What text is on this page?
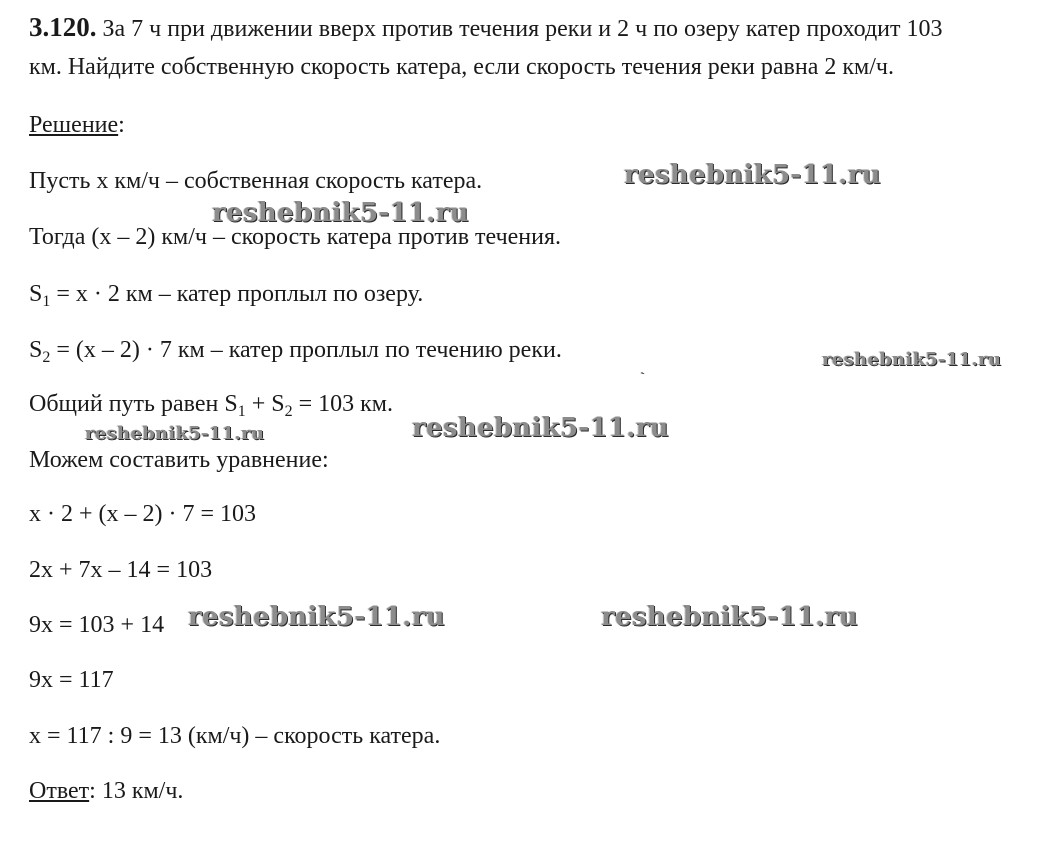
3.120. За 7 ч при движении вверх против течения реки и 2 ч по озеру катер проходит 103
км. Найдите собственную скорость катера, если скорость течения реки равна 2 км/ч.
Решение:
Пусть x км/ч – собственная скорость катера.
Тогда (x – 2) км/ч – скорость катера против течения.
$S_1 = x \cdot 2$ км – катер проплыл по озеру.
$S_2 = (x - 2) \cdot 7$ км – катер проплыл по течению реки.
Общий путь равен $S_1 + S_2 = 103$ км.
Можем составить уравнение:
x · 2 + (x – 2) · 7 = 103
2x + 7x – 14 = 103
9x = 103 + 14
9x = 117
x = 117 : 9 = 13 (км/ч) – скорость катера.
Ответ: 13 км/ч.
reshebnik5-11.ru
reshebnik5-11.ru
reshebnik5-11.ru
reshebnik5-11.ru	reshebnik5-11.ru
reshebnik5-11.ru	reshebnik5-11.ru
ˋ
